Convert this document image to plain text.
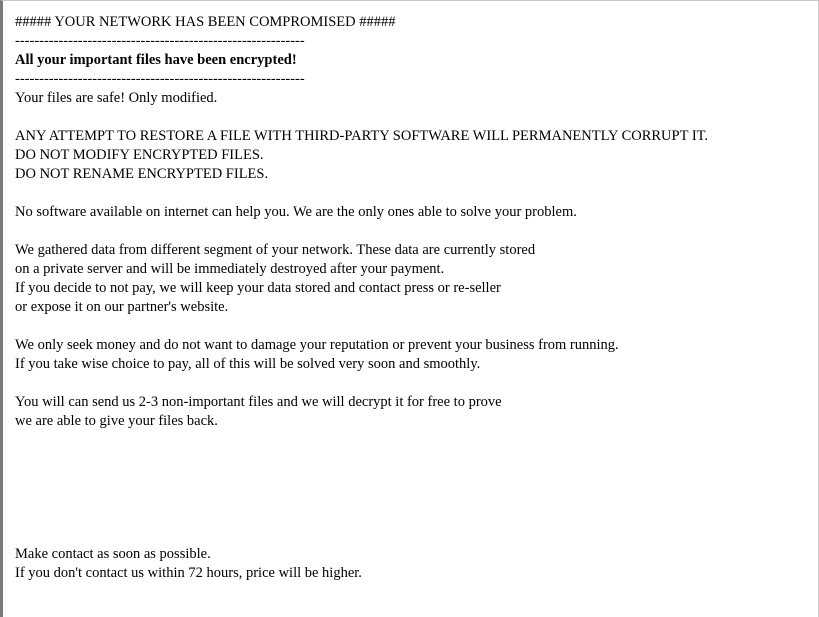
##### YOUR NETWORK HAS BEEN COMPROMISED #####
------------------------------------------------------------
All your important files have been encrypted!
------------------------------------------------------------
Your files are safe! Only modified.
ANY ATTEMPT TO RESTORE A FILE WITH THIRD-PARTY SOFTWARE WILL PERMANENTLY CORRUPT IT.
DO NOT MODIFY ENCRYPTED FILES.
DO NOT RENAME ENCRYPTED FILES.
No software available on internet can help you. We are the only ones able to solve your problem.
We gathered data from different segment of your network. These data are currently stored
on a private server and will be immediately destroyed after your payment.
If you decide to not pay, we will keep your data stored and contact press or re-seller
or expose it on our partner's website.
We only seek money and do not want to damage your reputation or prevent your business from running.
If you take wise choice to pay, all of this will be solved very soon and smoothly.
You will can send us 2-3 non-important files and we will decrypt it for free to prove
we are able to give your files back.
Make contact as soon as possible.
If you don't contact us within 72 hours, price will be higher.
